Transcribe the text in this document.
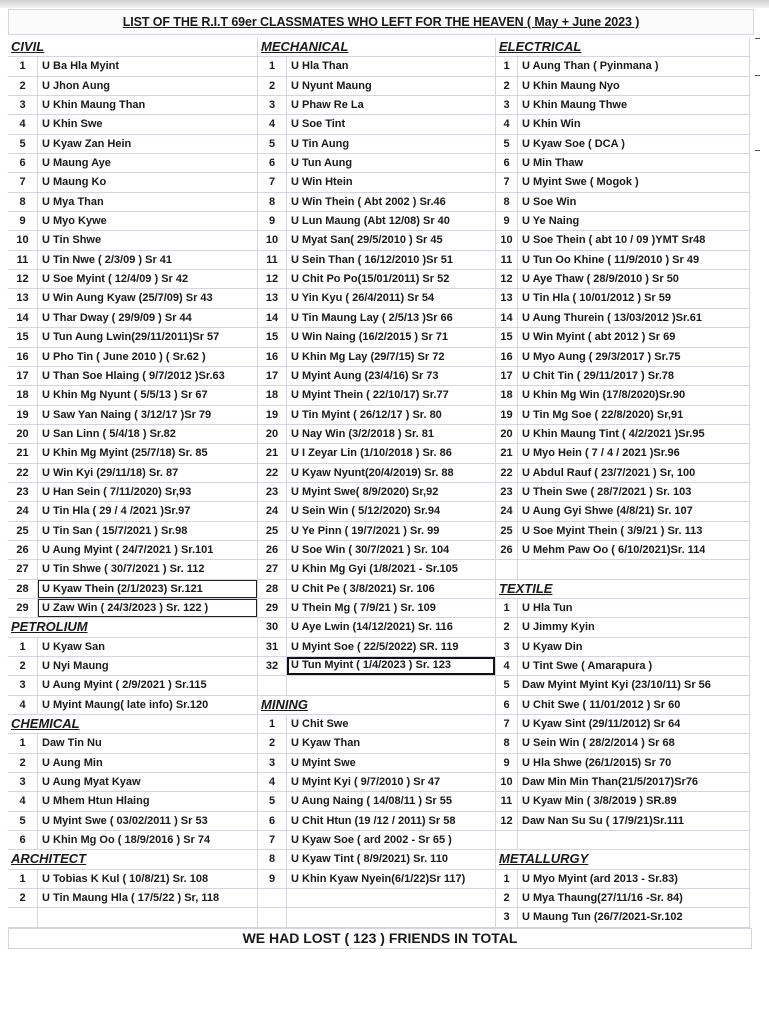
LIST OF THE R.I.T 69er CLASSMATES WHO LEFT FOR THE HEAVEN ( May + June 2023 )
CIVIL
1	U Ba Hla Myint
2	U Jhon Aung
3	U Khin Maung Than
4	U Khin Swe
5	U Kyaw Zan Hein
6	U Maung Aye
7	U Maung Ko
8	U Mya Than
9	U Myo Kywe
10	U Tin Shwe
11	U Tin Nwe ( 2/3/09 ) Sr 41
12	U Soe Myint ( 12/4/09 ) Sr 42
13	U Win Aung Kyaw (25/7/09) Sr 43
14	U Thar Dway ( 29/9/09 ) Sr 44
15	U Tun Aung Lwin(29/11/2011)Sr 57
16	U Pho Tin ( June 2010 ) ( Sr.62 )
17	U Than Soe Hlaing ( 9/7/2012 )Sr.63
18	U Khin Mg Nyunt ( 5/5/13 ) Sr 67
19	U Saw Yan Naing ( 3/12/17 )Sr 79
20	U San Linn ( 5/4/18 ) Sr.82
21	U Khin Mg Myint (25/7/18) Sr. 85
22	U Win Kyi (29/11/18) Sr. 87
23	U Han Sein ( 7/11/2020) Sr,93
24	U Tin Hla ( 29 / 4 /2021 )Sr.97
25	U Tin San ( 15/7/2021 ) Sr.98
26	U Aung Myint ( 24/7/2021 ) Sr.101
27	U Tin Shwe ( 30/7/2021 ) Sr. 112
28	U Kyaw Thein (2/1/2023) Sr.121
29	U Zaw Win ( 24/3/2023 ) Sr. 122 )
PETROLIUM
1	U Kyaw San
2	U Nyi Maung
3	U Aung Myint ( 2/9/2021 ) Sr.115
4	U Myint Maung( late info) Sr.120
CHEMICAL
1	Daw Tin Nu
2	U Aung Min
3	U Aung Myat Kyaw
4	U Mhem Htun Hlaing
5	U Myint Swe ( 03/02/2011 ) Sr 53
6	U Khin Mg Oo ( 18/9/2016 ) Sr 74
ARCHITECT
1	U Tobias K Kul ( 10/8/21) Sr. 108
2	U Tin Maung Hla ( 17/5/22 ) Sr, 118
MECHANICAL
1	U Hla Than
2	U Nyunt Maung
3	U Phaw Re La
4	U Soe Tint
5	U Tin Aung
6	U Tun Aung
7	U Win Htein
8	U Win Thein ( Abt 2002 ) Sr.46
9	U Lun Maung (Abt 12/08) Sr 40
10	U Myat San( 29/5/2010 ) Sr 45
11	U Sein Than ( 16/12/2010 )Sr 51
12	U Chit Po Po(15/01/2011) Sr 52
13	U Yin Kyu ( 26/4/2011) Sr 54
14	U Tin Maung Lay ( 2/5/13 )Sr 66
15	U Win Naing (16/2/2015 ) Sr 71
16	U Khin Mg Lay (29/7/15) Sr 72
17	U Myint Aung (23/4/16) Sr 73
18	U Myint Thein ( 22/10/17) Sr.77
19	U Tin Myint ( 26/12/17 ) Sr. 80
20	U Nay Win (3/2/2018 ) Sr. 81
21	U I Zeyar Lin (1/10/2018 ) Sr. 86
22	U Kyaw Nyunt(20/4/2019) Sr. 88
23	U Myint Swe( 8/9/2020) Sr,92
24	U Sein Win ( 5/12/2020) Sr.94
25	U Ye Pinn ( 19/7/2021 ) Sr. 99
26	U Soe Win ( 30/7/2021 ) Sr. 104
27	U Khin Mg Gyi (1/8/2021 - Sr.105
28	U Chit Pe ( 3/8/2021) Sr. 106
29	U Thein Mg ( 7/9/21 ) Sr. 109
30	U Aye Lwin (14/12/2021) Sr. 116
31	U Myint Soe ( 22/5/2022) SR. 119
32	U Tun Myint ( 1/4/2023 ) Sr. 123
MINING
1	U Chit Swe
2	U Kyaw Than
3	U Myint Swe
4	U Myint Kyi ( 9/7/2010 ) Sr 47
5	U Aung Naing ( 14/08/11 ) Sr 55
6	U Chit Htun (19 /12 / 2011) Sr 58
7	U Kyaw Soe ( ard 2002 - Sr 65 )
8	U Kyaw Tint ( 8/9/2021) Sr. 110
9	U Khin Kyaw Nyein(6/1/22)Sr 117)
ELECTRICAL
1	U Aung Than ( Pyinmana )
2	U Khin Maung Nyo
3	U Khin Maung Thwe
4	U Khin Win
5	U Kyaw Soe ( DCA )
6	U Min Thaw
7	U Myint Swe ( Mogok )
8	U Soe Win
9	U Ye Naing
10 U Soe Thein ( abt 10 / 09 )YMT Sr48
11 U Tun Oo Khine ( 11/9/2010 ) Sr 49
12 U Aye Thaw ( 28/9/2010 ) Sr 50
13 U Tin Hla ( 10/01/2012 ) Sr 59
14 U Aung Thurein ( 13/03/2012 )Sr.61
15 U Win Myint ( abt 2012 ) Sr 69
16 U Myo Aung ( 29/3/2017 ) Sr.75
17 U Chit Tin ( 29/11/2017 ) Sr.78
18 U Khin Mg Win (17/8/2020)Sr.90
19 U Tin Mg Soe ( 22/8/2020) Sr,91
20 U Khin Maung Tint ( 4/2/2021 )Sr.95
21 U Myo Hein ( 7 / 4 / 2021 )Sr.96
22 U Abdul Rauf ( 23/7/2021 ) Sr, 100
23 U Thein Swe ( 28/7/2021 ) Sr. 103
24 U Aung Gyi Shwe (4/8/21) Sr. 107
25 U Soe Myint Thein ( 3/9/21 ) Sr. 113
26 U Mehm Paw Oo ( 6/10/2021)Sr. 114
TEXTILE
1	U Hla Tun
2	U Jimmy Kyin
3	U Kyaw Din
4	U Tint Swe ( Amarapura )
5	Daw Myint Myint Kyi (23/10/11) Sr 56
6	U Chit Swe ( 11/01/2012 ) Sr 60
7	U Kyaw Sint (29/11/2012) Sr 64
8	U Sein Win ( 28/2/2014 ) Sr 68
9	U Hla Shwe (26/1/2015) Sr 70
10 Daw Min Min Than(21/5/2017)Sr76
11 U Kyaw Min ( 3/8/2019 ) SR.89
12 Daw Nan Su Su ( 17/9/21)Sr.111
METALLURGY
1	U Myo Myint (ard 2013 - Sr.83)
2	U Mya Thaung(27/11/16 -Sr. 84)
3	U Maung Tun (26/7/2021-Sr.102
WE HAD LOST ( 123 ) FRIENDS IN TOTAL
